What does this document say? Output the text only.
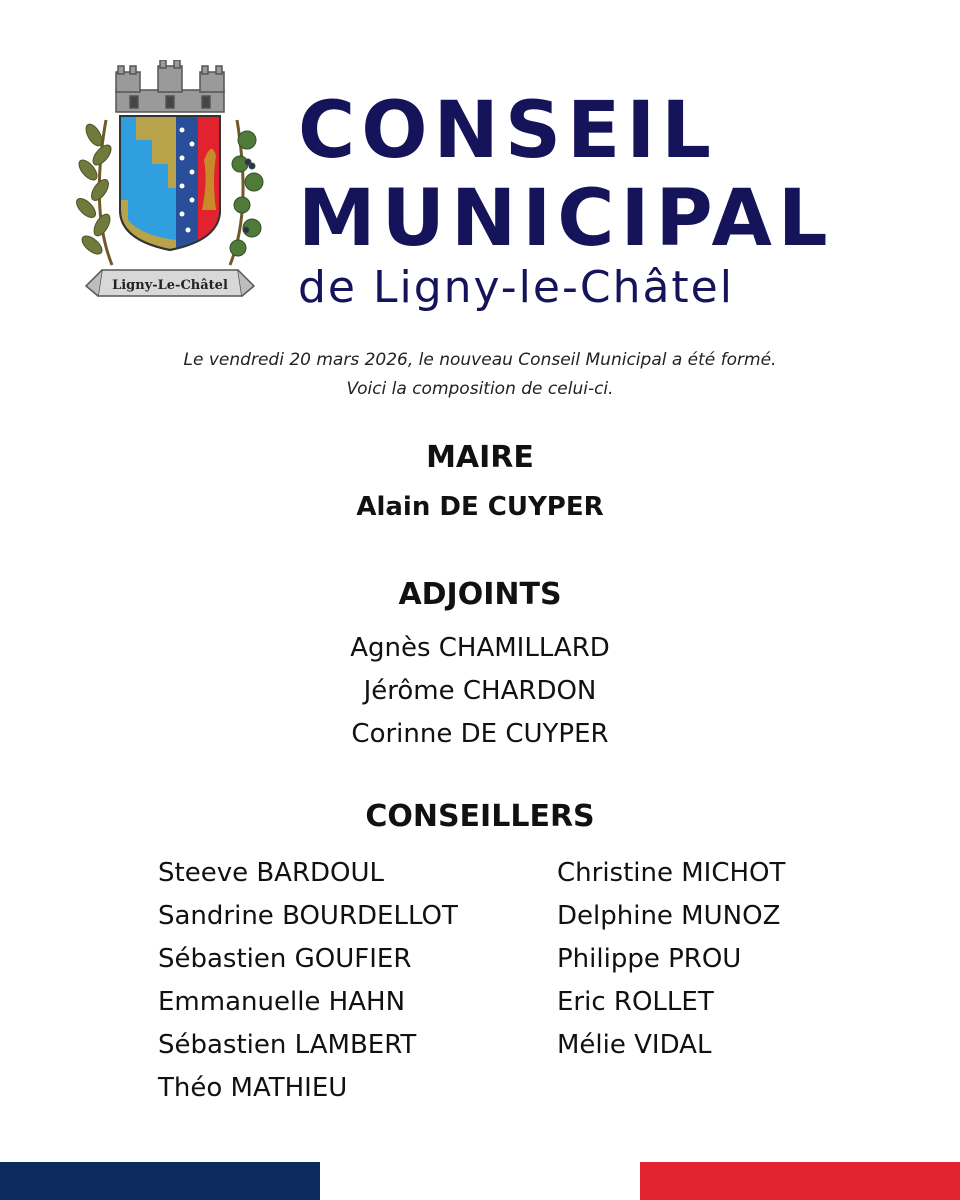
Ligny-Le-Châtel
CONSEIL
MUNICIPAL
de Ligny-le-Châtel

Le vendredi 20 mars 2026, le nouveau Conseil Municipal a été formé.

Voici la composition de celui-ci.

MAIRE

Alain DE CUYPER

ADJOINTS

Agnès CHAMILLARD

Jérôme CHARDON

Corinne DE CUYPER

CONSEILLERS
Steeve BARDOUL
Sandrine BOURDELLOT
Sébastien GOUFIER
Emmanuelle HAHN
Sébastien LAMBERT
Théo MATHIEU
Christine MICHOT
Delphine MUNOZ
Philippe PROU
Eric ROLLET
Mélie VIDAL
